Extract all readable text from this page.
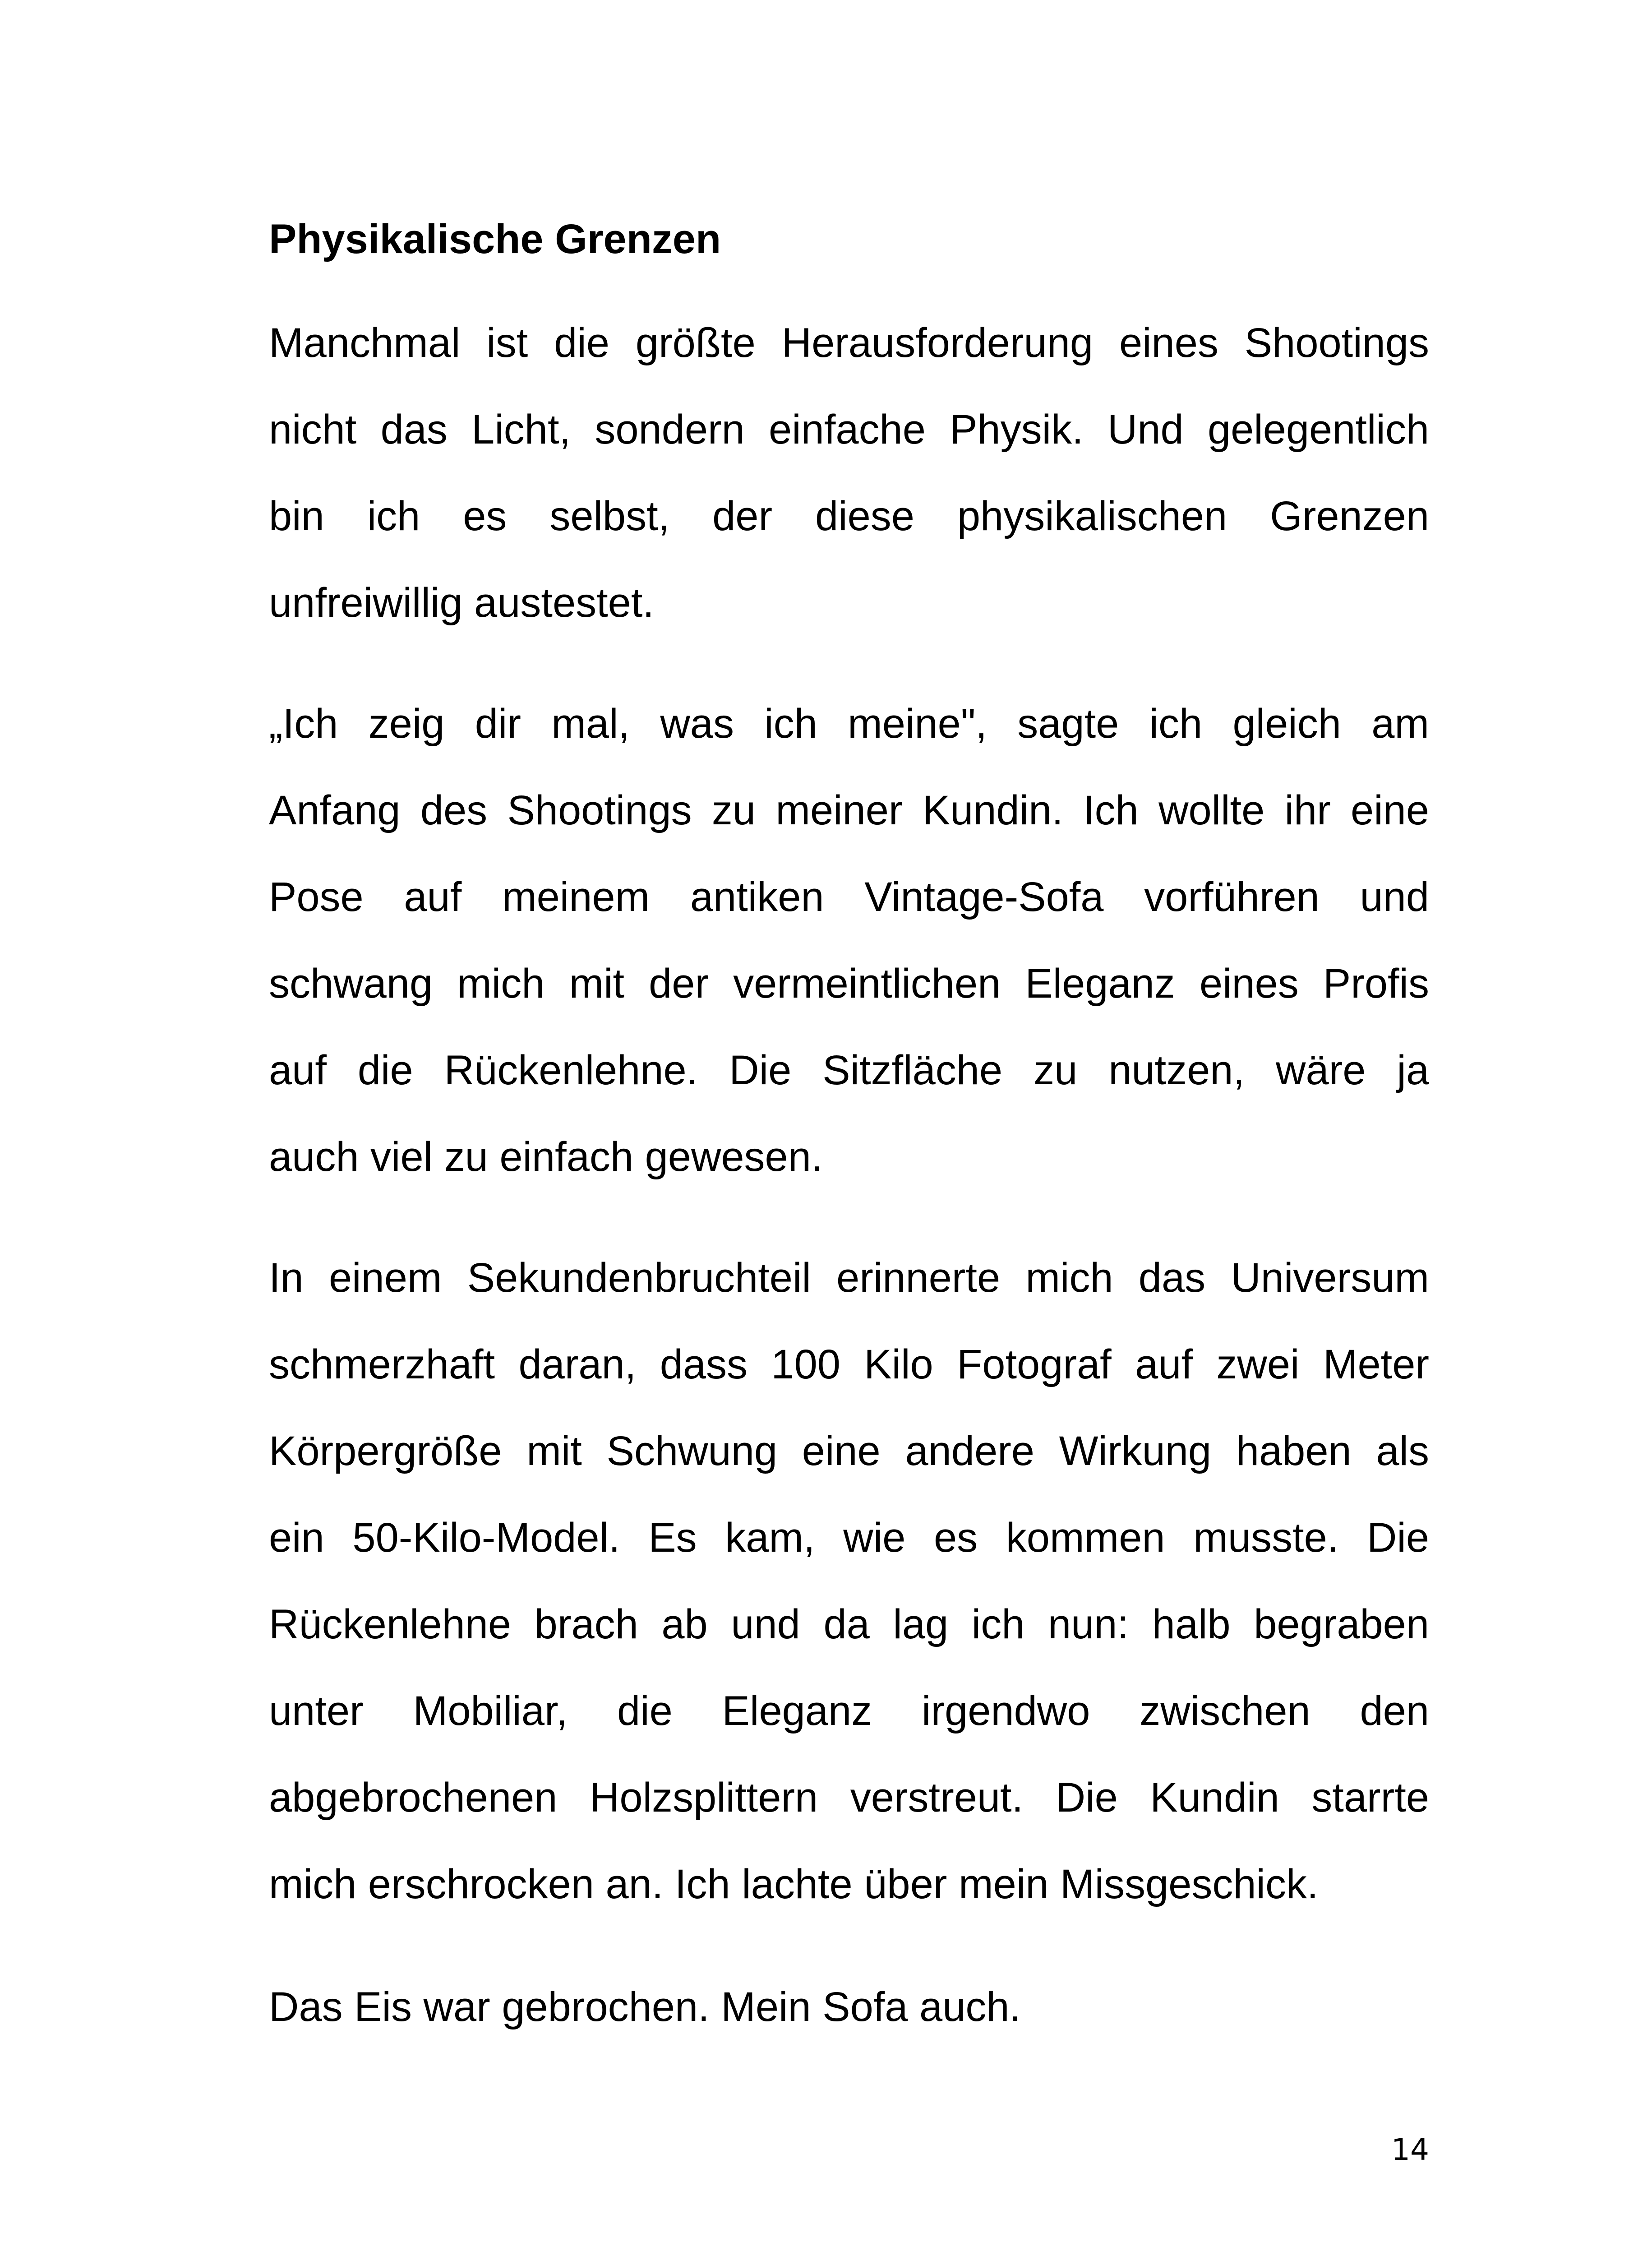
Physikalische Grenzen

Manchmal ist die größte Herausforderung eines Shootings
nicht das Licht, sondern einfache Physik. Und gelegentlich
bin ich es selbst, der diese physikalischen Grenzen
unfreiwillig austestet.

„Ich zeig dir mal, was ich meine", sagte ich gleich am
Anfang des Shootings zu meiner Kundin. Ich wollte ihr eine
Pose auf meinem antiken Vintage-Sofa vorführen und
schwang mich mit der vermeintlichen Eleganz eines Profis
auf die Rückenlehne. Die Sitzfläche zu nutzen, wäre ja
auch viel zu einfach gewesen.

In einem Sekundenbruchteil erinnerte mich das Universum
schmerzhaft daran, dass 100 Kilo Fotograf auf zwei Meter
Körpergröße mit Schwung eine andere Wirkung haben als
ein 50-Kilo-Model. Es kam, wie es kommen musste. Die
Rückenlehne brach ab und da lag ich nun: halb begraben
unter Mobiliar, die Eleganz irgendwo zwischen den
abgebrochenen Holzsplittern verstreut. Die Kundin starrte
mich erschrocken an. Ich lachte über mein Missgeschick.

Das Eis war gebrochen. Mein Sofa auch.

14
